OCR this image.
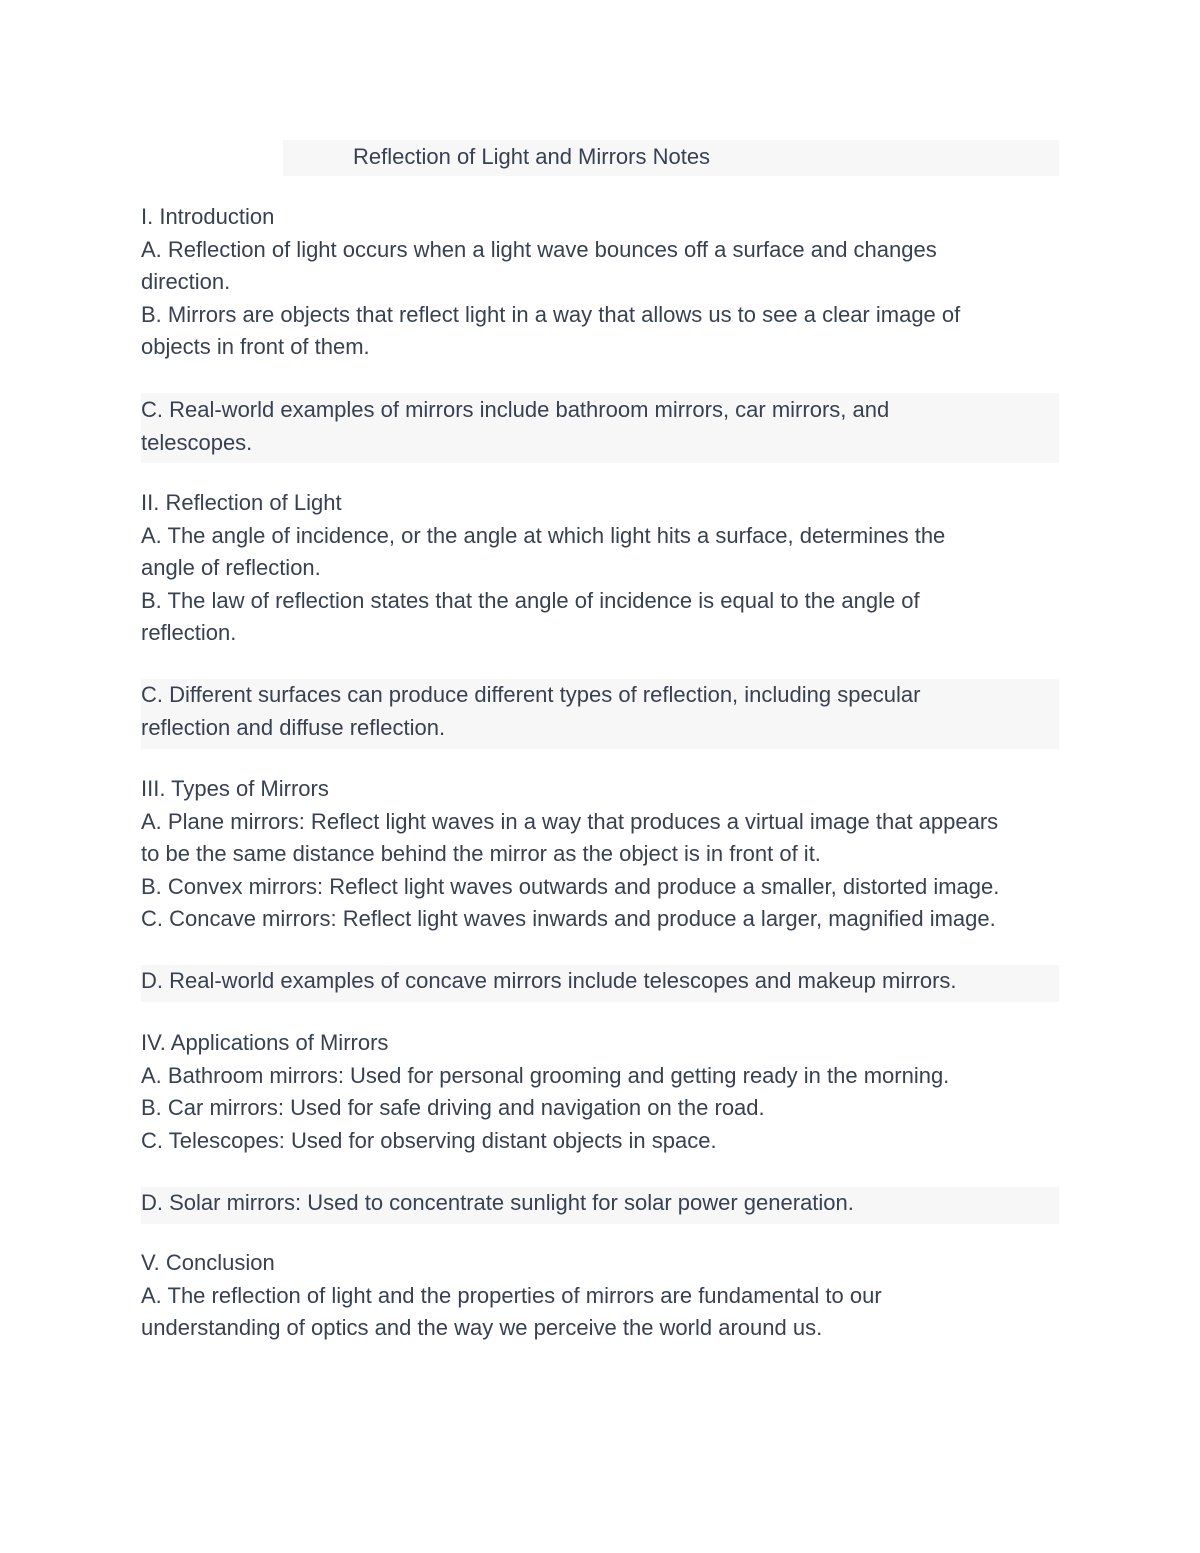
Reflection of Light and Mirrors Notes
I. Introduction
A. Reflection of light occurs when a light wave bounces off a surface and changes
direction.
B. Mirrors are objects that reflect light in a way that allows us to see a clear image of
objects in front of them.
C. Real-world examples of mirrors include bathroom mirrors, car mirrors, and
telescopes.
II. Reflection of Light
A. The angle of incidence, or the angle at which light hits a surface, determines the
angle of reflection.
B. The law of reflection states that the angle of incidence is equal to the angle of
reflection.
C. Different surfaces can produce different types of reflection, including specular
reflection and diffuse reflection.
III. Types of Mirrors
A. Plane mirrors: Reflect light waves in a way that produces a virtual image that appears
to be the same distance behind the mirror as the object is in front of it.
B. Convex mirrors: Reflect light waves outwards and produce a smaller, distorted image.
C. Concave mirrors: Reflect light waves inwards and produce a larger, magnified image.
D. Real-world examples of concave mirrors include telescopes and makeup mirrors.
IV. Applications of Mirrors
A. Bathroom mirrors: Used for personal grooming and getting ready in the morning.
B. Car mirrors: Used for safe driving and navigation on the road.
C. Telescopes: Used for observing distant objects in space.
D. Solar mirrors: Used to concentrate sunlight for solar power generation.
V. Conclusion
A. The reflection of light and the properties of mirrors are fundamental to our
understanding of optics and the way we perceive the world around us.
